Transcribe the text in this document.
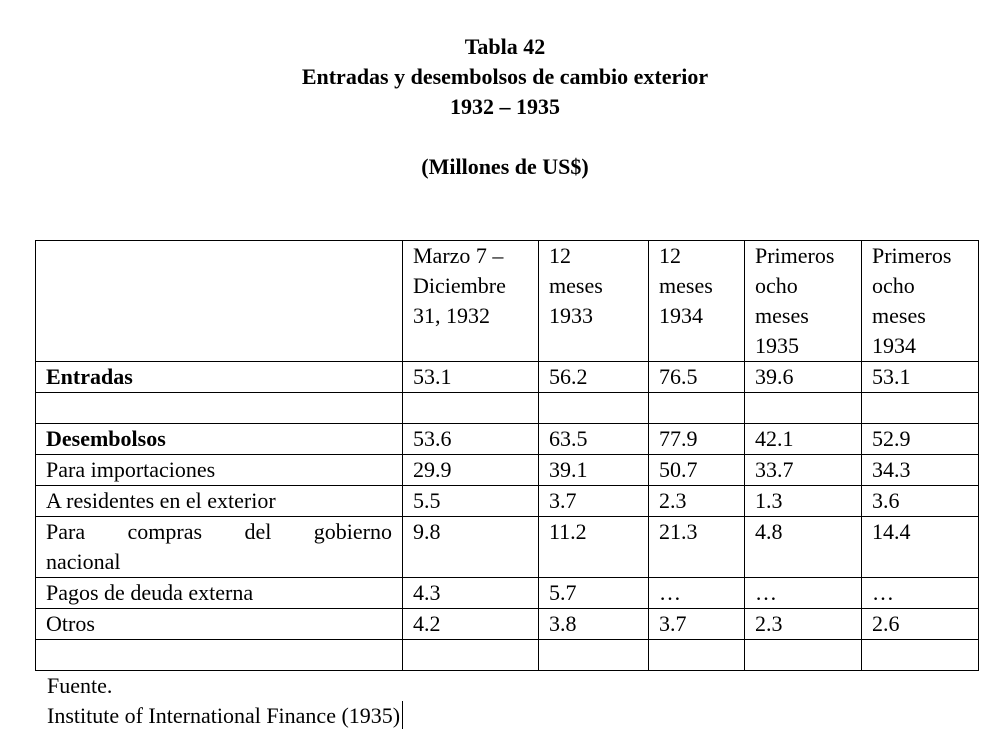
Tabla 42
Entradas y desembolsos de cambio exterior
1932 – 1935
(Millones de US$)

	Marzo 7 –
Diciembre
31, 1932	12
meses
1933	12
meses
1934	Primeros
ocho
meses
1935	Primeros
ocho
meses
1934

Entradas	53.1	56.2	76.5	39.6	53.1

Desembolsos	53.6	63.5	77.9	42.1	52.9
Para importaciones	29.9	39.1	50.7	33.7	34.3
A residentes en el exterior	5.5	3.7	2.3	1.3	3.6

Para compras del gobierno
nacional	9.8	11.2	21.3	4.8	14.4
Pagos de deuda externa	4.3	5.7	…	…	…
Otros	4.2	3.8	3.7	2.3	2.6

Fuente.
Institute of International Finance (1935)
